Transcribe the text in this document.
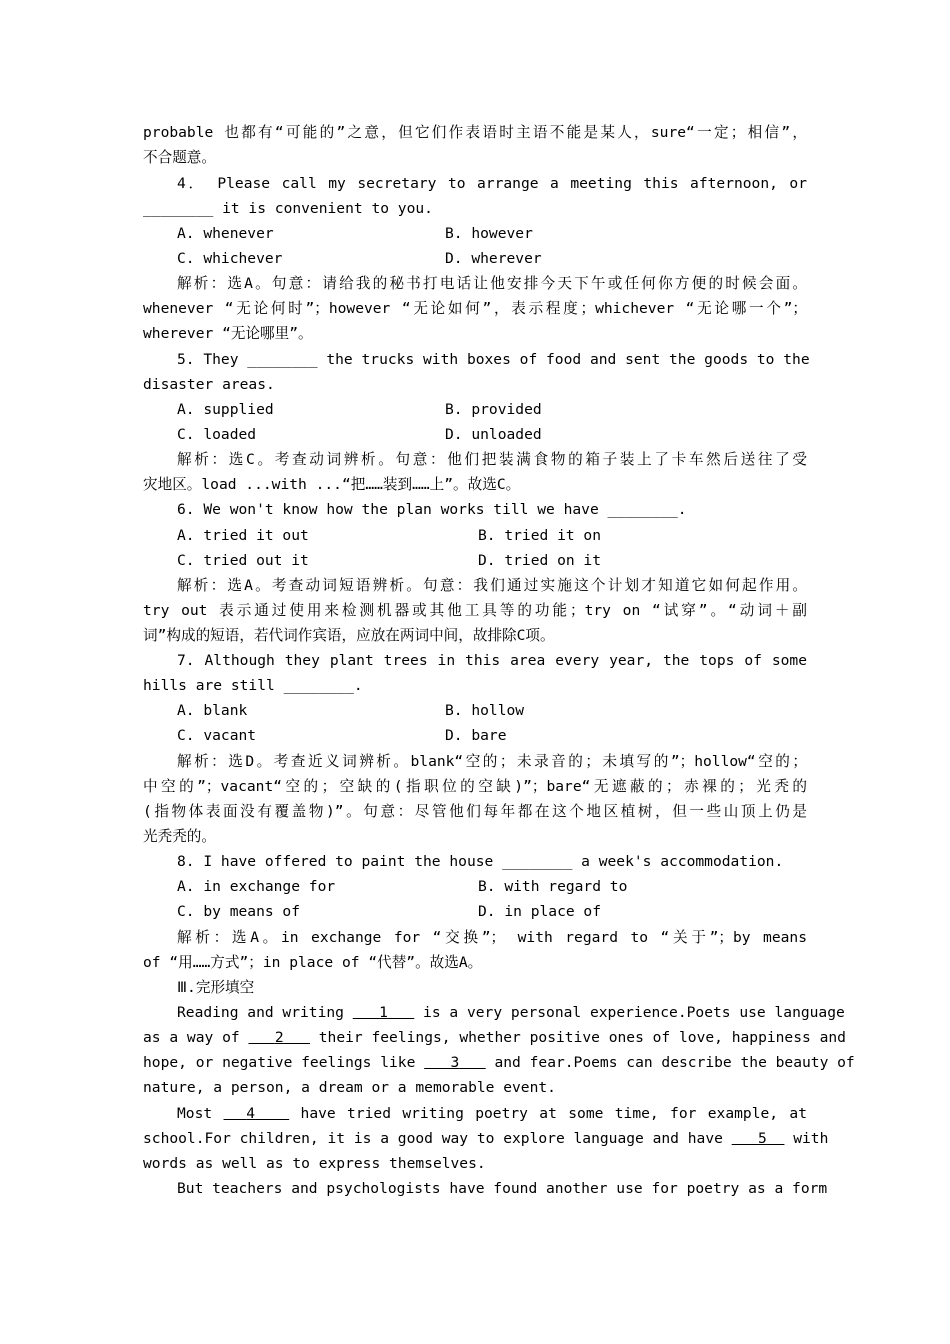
probable 也都有“可能的”之意，但它们作表语时主语不能是某人，sure“一定；相信”，
不合题意。
4． Please call my secretary to arrange a meeting this afternoon, or
________ it is convenient to you.
A. whenever	B. however
C. whichever	D. wherever
解析：选A。句意：请给我的秘书打电话让他安排今天下午或任何你方便的时候会面。
whenever “无论何时”；however “无论如何”，表示程度；whichever “无论哪一个”；
wherever “无论哪里”。
5. They ________ the trucks with boxes of food and sent the goods to the
disaster areas.
A. supplied	B. provided
C. loaded	D. unloaded
解析：选C。考查动词辨析。句意：他们把装满食物的箱子装上了卡车然后送往了受
灾地区。load ...with ...“把……装到……上”。故选C。
6. We won't know how the plan works till we have ________.
A. tried it out	B. tried it on
C. tried out it	D. tried on it
解析：选A。考查动词短语辨析。句意：我们通过实施这个计划才知道它如何起作用。
try out 表示通过使用来检测机器或其他工具等的功能；try on “试穿”。“动词＋副
词”构成的短语，若代词作宾语，应放在两词中间，故排除C项。
7. Although they plant trees in this area every year, the tops of some
hills are still ________.
A. blank	B. hollow
C. vacant	D. bare
解析：选D。考查近义词辨析。blank“空的；未录音的；未填写的”；hollow“空的；
中空的”；vacant“空的；空缺的(指职位的空缺)”；bare“无遮蔽的；赤裸的；光秃的
(指物体表面没有覆盖物)”。句意：尽管他们每年都在这个地区植树，但一些山顶上仍是
光秃秃的。
8. I have offered to paint the house ________ a week's accommodation.
A. in exchange for	B. with regard to
C. by means of	D. in place of
解析：选A。in exchange for “交换”； with regard to “关于”；by means
of “用……方式”；in place of “代替”。故选A。
Ⅲ.完形填空
Reading and writing 1 is a very personal experience.Poets use language
as a way of 2 their feelings, whether positive ones of love, happiness and
hope, or negative feelings like 3 and fear.Poems can describe the beauty of
nature, a person, a dream or a memorable event.
Most 4	have tried writing poetry at some time, for example, at
school.For children, it is a good way to explore language and have 5 with
words as well as to express themselves.
But teachers and psychologists have found another use for poetry as a form
